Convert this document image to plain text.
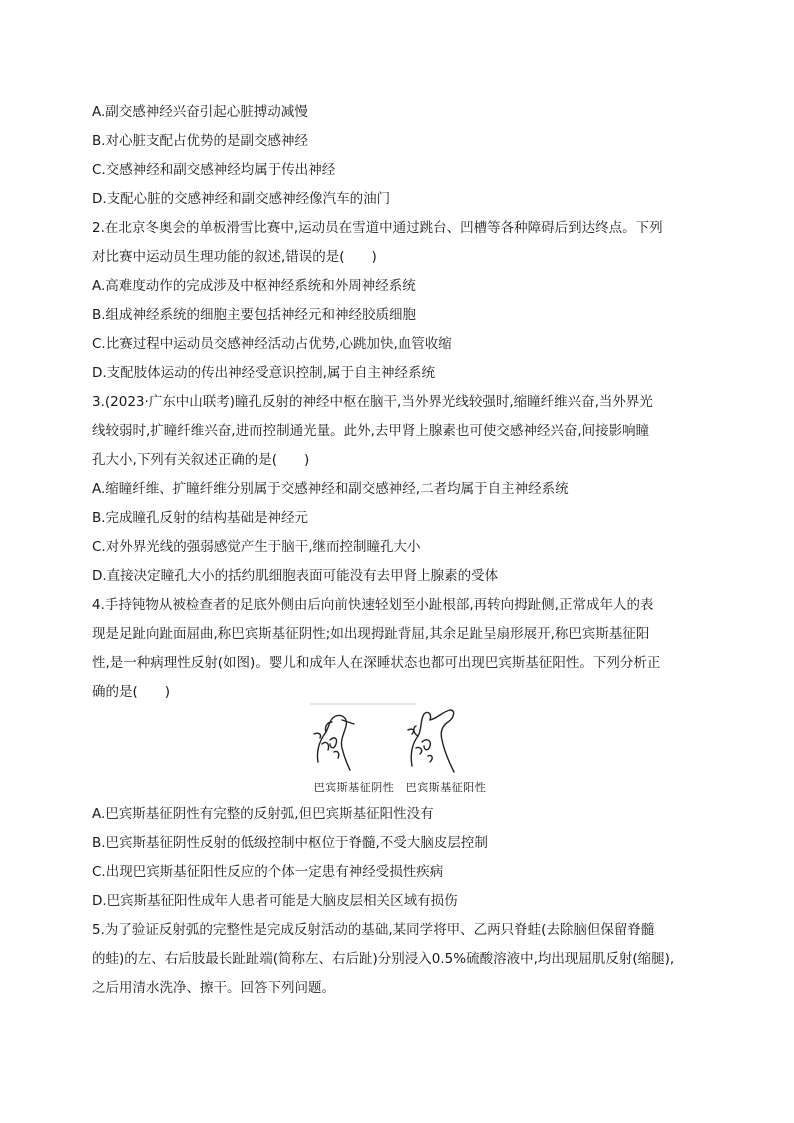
A.副交感神经兴奋引起心脏搏动减慢
B.对心脏支配占优势的是副交感神经
C.交感神经和副交感神经均属于传出神经
D.支配心脏的交感神经和副交感神经像汽车的油门
2.在北京冬奥会的单板滑雪比赛中,运动员在雪道中通过跳台、凹槽等各种障碍后到达终点。下列
对比赛中运动员生理功能的叙述,错误的是(　　)
A.高难度动作的完成涉及中枢神经系统和外周神经系统
B.组成神经系统的细胞主要包括神经元和神经胶质细胞
C.比赛过程中运动员交感神经活动占优势,心跳加快,血管收缩
D.支配肢体运动的传出神经受意识控制,属于自主神经系统
3.(2023·广东中山联考)瞳孔反射的神经中枢在脑干,当外界光线较强时,缩瞳纤维兴奋,当外界光
线较弱时,扩瞳纤维兴奋,进而控制通光量。此外,去甲肾上腺素也可使交感神经兴奋,间接影响瞳
孔大小,下列有关叙述正确的是(　　)
A.缩瞳纤维、扩瞳纤维分别属于交感神经和副交感神经,二者均属于自主神经系统
B.完成瞳孔反射的结构基础是神经元
C.对外界光线的强弱感觉产生于脑干,继而控制瞳孔大小
D.直接决定瞳孔大小的括约肌细胞表面可能没有去甲肾上腺素的受体
4.手持钝物从被检查者的足底外侧由后向前快速轻划至小趾根部,再转向拇趾侧,正常成年人的表
现是足趾向趾面屈曲,称巴宾斯基征阴性;如出现拇趾背屈,其余足趾呈扇形展开,称巴宾斯基征阳
性,是一种病理性反射(如图)。婴儿和成年人在深睡状态也都可出现巴宾斯基征阳性。下列分析正
确的是(　　)
巴宾斯基征阴性　巴宾斯基征阳性
A.巴宾斯基征阴性有完整的反射弧,但巴宾斯基征阳性没有
B.巴宾斯基征阴性反射的低级控制中枢位于脊髓,不受大脑皮层控制
C.出现巴宾斯基征阳性反应的个体一定患有神经受损性疾病
D.巴宾斯基征阳性成年人患者可能是大脑皮层相关区域有损伤
5.为了验证反射弧的完整性是完成反射活动的基础,某同学将甲、乙两只脊蛙(去除脑但保留脊髓
的蛙)的左、右后肢最长趾趾端(简称左、右后趾)分别浸入0.5%硫酸溶液中,均出现屈肌反射(缩腿),
之后用清水洗净、擦干。回答下列问题。
